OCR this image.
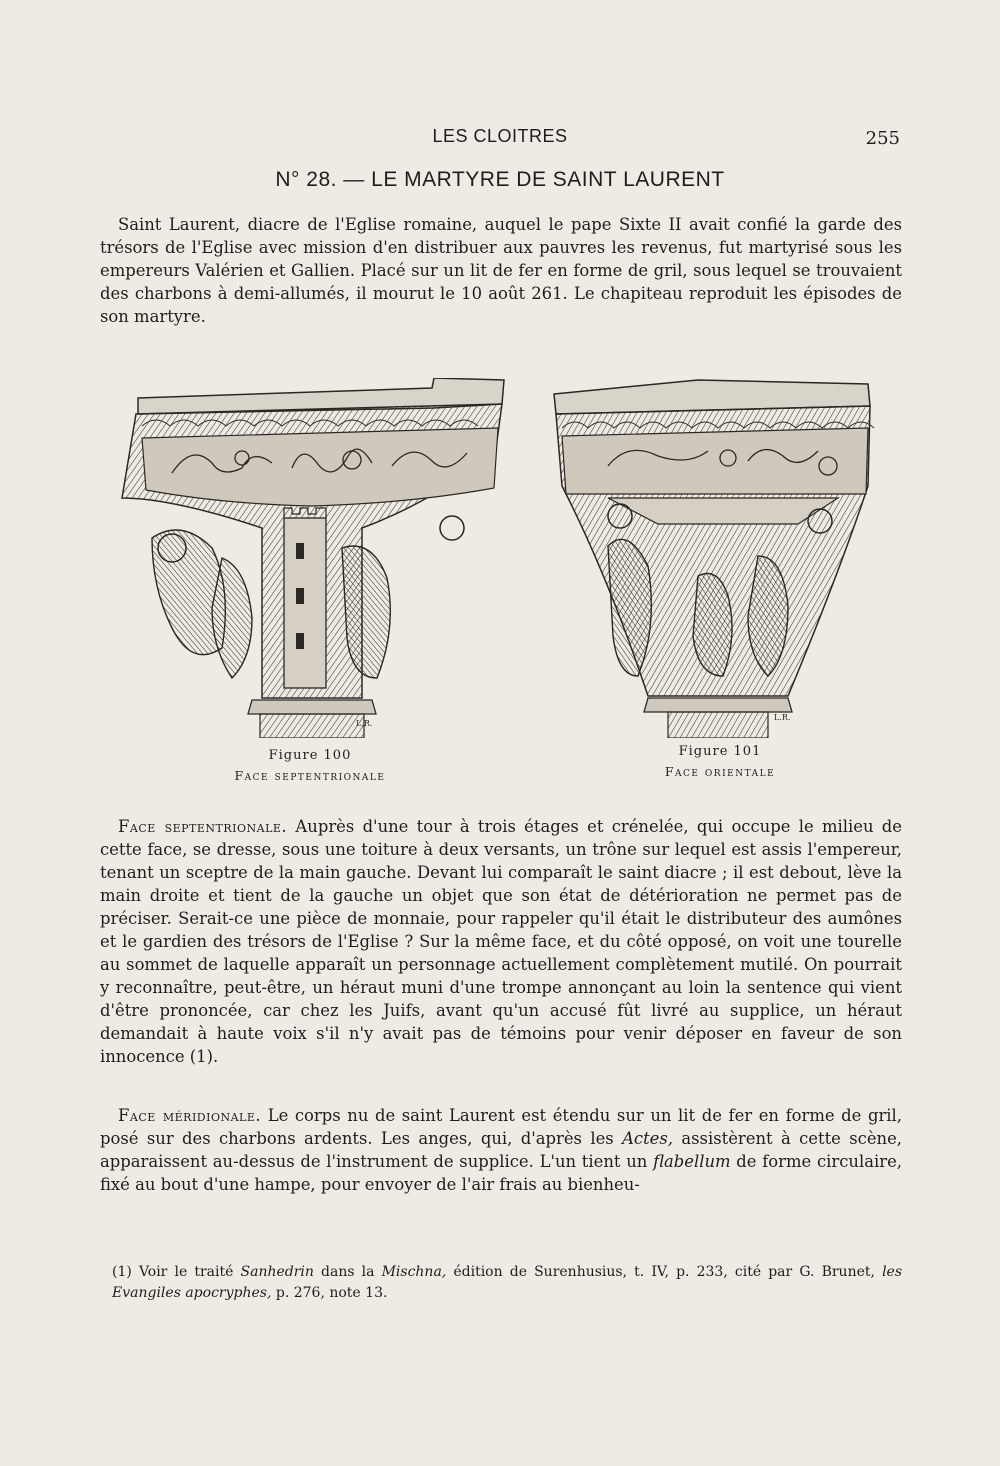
LES CLOITRES	255
N° 28. — LE MARTYRE DE SAINT LAURENT

Saint Laurent, diacre de l'Eglise romaine, auquel le pape Sixte II avait confié la garde des trésors de l'Eglise avec mission d'en distribuer aux pauvres les revenus, fut martyrisé sous les empereurs Valérien et Gallien. Placé sur un lit de fer en forme de gril, sous lequel se trouvaient des charbons à demi-allumés, il mourut le 10 août 261. Le chapiteau reproduit les épisodes de son martyre.

L.R.
L.R.
Figure 100
Face septentrionale
Figure 101
Face orientale

Face septentrionale. Auprès d'une tour à trois étages et crénelée, qui occupe le milieu de cette face, se dresse, sous une toiture à deux versants, un trône sur lequel est assis l'empereur, tenant un sceptre de la main gauche. Devant lui comparaît le saint diacre ; il est debout, lève la main droite et tient de la gauche un objet que son état de détérioration ne permet pas de préciser. Serait-ce une pièce de monnaie, pour rappeler qu'il était le distributeur des aumônes et le gardien des trésors de l'Eglise ? Sur la même face, et du côté opposé, on voit une tourelle au sommet de laquelle apparaît un personnage actuellement complètement mutilé. On pourrait y reconnaître, peut-être, un héraut muni d'une trompe annonçant au loin la sentence qui vient d'être prononcée, car chez les Juifs, avant qu'un accusé fût livré au supplice, un héraut demandait à haute voix s'il n'y avait pas de témoins pour venir déposer en faveur de son innocence (1).

Face méridionale. Le corps nu de saint Laurent est étendu sur un lit de fer en forme de gril, posé sur des charbons ardents. Les anges, qui, d'après les Actes, assistèrent à cette scène, apparaissent au-dessus de l'instrument de supplice. L'un tient un flabellum de forme circulaire, fixé au bout d'une hampe, pour envoyer de l'air frais au bienheu-

(1) Voir le traité Sanhedrin dans la Mischna, édition de Surenhusius, t. IV, p. 233, cité par G. Brunet, les Evangiles apocryphes, p. 276, note 13.
